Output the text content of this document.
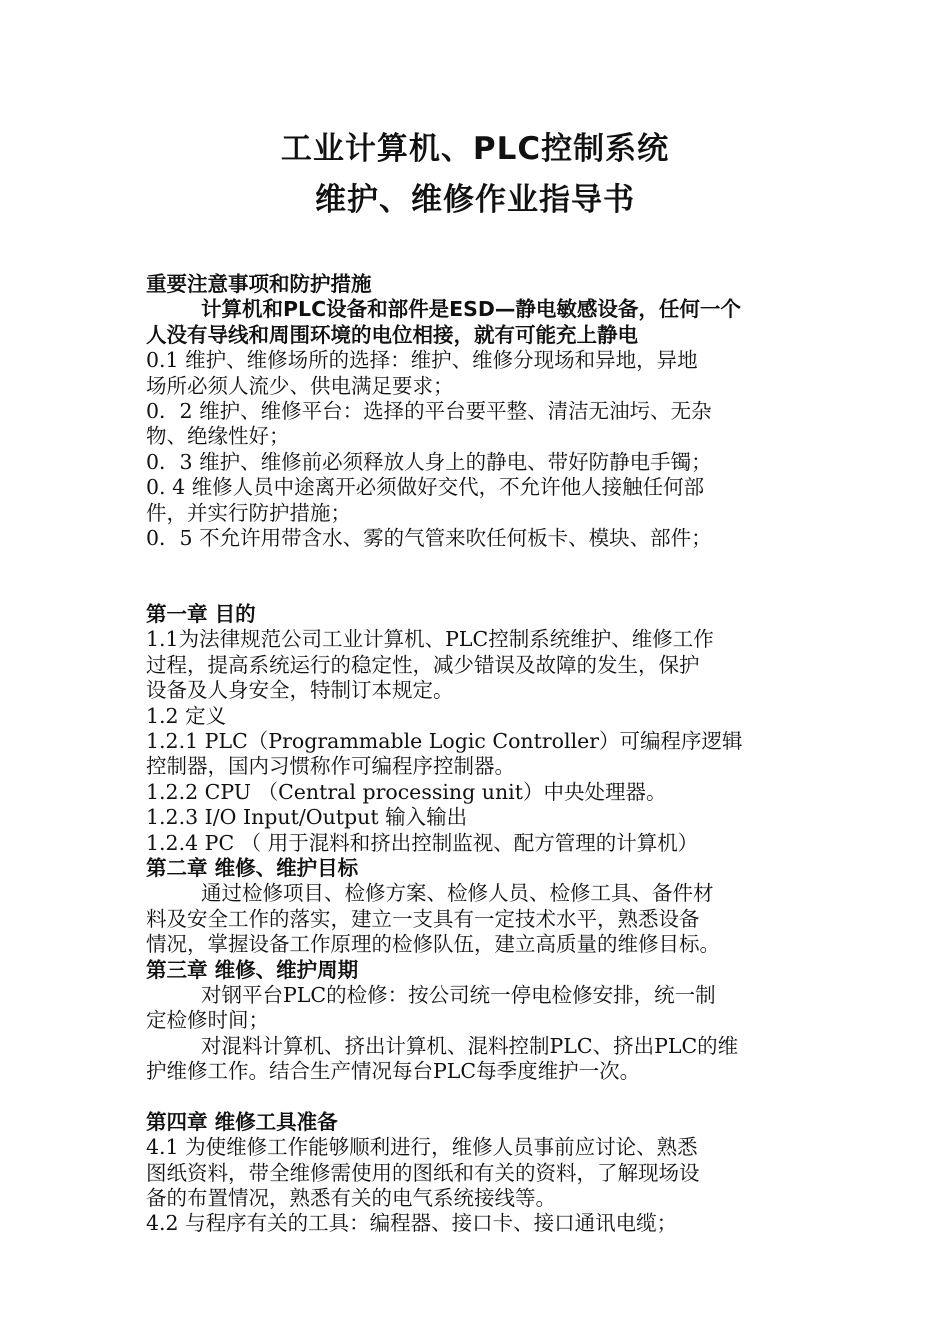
工业计算机、PLC控制系统
维护、维修作业指导书
重要注意事项和防护措施
计算机和PLC设备和部件是ESD—静电敏感设备，任何一个
人没有导线和周围环境的电位相接，就有可能充上静电
0.1 维护、维修场所的选择：维护、维修分现场和异地，异地
场所必须人流少、供电满足要求；
0．2 维护、维修平台：选择的平台要平整、清洁无油圬、无杂
物、绝缘性好；
0．3 维护、维修前必须释放人身上的静电、带好防静电手镯；
0. 4 维修人员中途离开必须做好交代，不允许他人接触任何部
件，并实行防护措施；
0．5 不允许用带含水、雾的气管来吹任何板卡、模块、部件；
第一章 目的
1.1为法律规范公司工业计算机、PLC控制系统维护、维修工作
过程，提高系统运行的稳定性，减少错误及故障的发生，保护
设备及人身安全，特制订本规定。
1.2 定义
1.2.1 PLC（Programmable Logic Controller）可编程序逻辑
控制器，国内习惯称作可编程序控制器。
1.2.2 CPU （Central processing unit）中央处理器。
1.2.3 I/O Input/Output 输入输出
1.2.4 PC （ 用于混料和挤出控制监视、配方管理的计算机）
第二章 维修、维护目标
通过检修项目、检修方案、检修人员、检修工具、备件材
料及安全工作的落实，建立一支具有一定技术水平，熟悉设备
情况，掌握设备工作原理的检修队伍，建立高质量的维修目标。
第三章 维修、维护周期
对钢平台PLC的检修：按公司统一停电检修安排，统一制
定检修时间；
对混料计算机、挤出计算机、混料控制PLC、挤出PLC的维
护维修工作。结合生产情况每台PLC每季度维护一次。
第四章 维修工具准备
4.1 为使维修工作能够顺利进行，维修人员事前应讨论、熟悉
图纸资料，带全维修需使用的图纸和有关的资料，了解现场设
备的布置情况，熟悉有关的电气系统接线等。
4.2 与程序有关的工具：编程器、接口卡、接口通讯电缆；
